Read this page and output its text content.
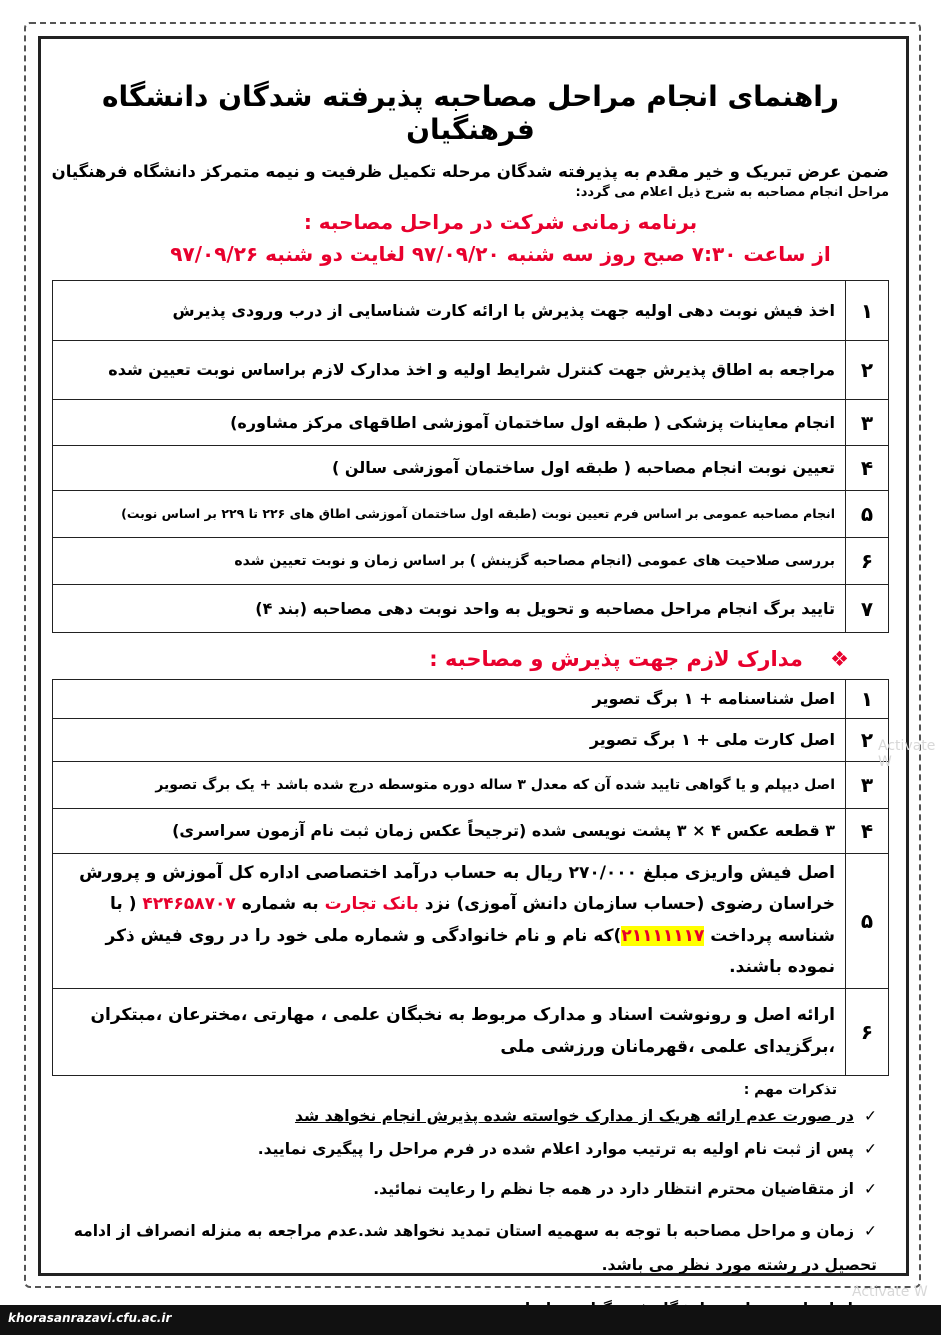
راهنمای انجام مراحل مصاحبه پذیرفته شدگان دانشگاه فرهنگیان
ضمن عرض تبریک و خیر مقدم به پذیرفته شدگان مرحله تکمیل ظرفیت و نیمه متمرکز دانشگاه فرهنگیان
مراحل انجام مصاحبه به شرح ذیل اعلام می گردد:
برنامه زمانی شرکت در مراحل مصاحبه :
از ساعت ۷:۳۰ صبح روز سه شنبه ۹۷/۰۹/۲۰ لغایت دو شنبه ۹۷/۰۹/۲۶
۱	اخذ فیش نوبت دهی اولیه جهت پذیرش با ارائه کارت شناسایی از درب ورودی پذیرش
۲	مراجعه به اطاق پذیرش جهت کنترل شرایط اولیه و اخذ مدارک لازم براساس نوبت تعیین شده
۳	انجام معاینات پزشکی ( طبقه اول ساختمان آموزشی اطاقهای مرکز مشاوره)
۴	تعیین نوبت انجام مصاحبه ( طبقه اول ساختمان آموزشی سالن )
۵	انجام مصاحبه عمومی بر اساس فرم تعیین نوبت (طبقه اول ساختمان آموزشی اطاق های ۲۲۶ تا ۲۲۹ بر اساس نوبت)
۶	بررسی صلاحیت های عمومی (انجام مصاحبه گزینش ) بر اساس زمان و نوبت تعیین شده
۷	تایید برگ انجام مراحل مصاحبه و تحویل به واحد نوبت دهی مصاحبه (بند ۴)
❖ مدارک لازم جهت پذیرش و مصاحبه :
۱	اصل شناسنامه + ۱ برگ تصویر
۲	اصل کارت ملی + ۱ برگ تصویر
۳	اصل دیپلم و یا گواهی تایید شده آن که معدل ۳ ساله دوره متوسطه درج شده باشد + یک برگ تصویر
۴	۳ قطعه عکس ۴ × ۳ پشت نویسی شده (ترجیحاً عکس زمان ثبت نام آزمون سراسری)
۵	اصل فیش واریزی مبلغ ۲۷۰/۰۰۰ ریال به حساب درآمد اختصاصی اداره کل آموزش و پرورش خراسان رضوی (حساب سازمان دانش آموزی) نزد بانک تجارت به شماره ۴۲۴۶۵۸۷۰۷ ( با شناسه پرداخت ۲۱۱۱۱۱۱۷)که نام و نام خانوادگی و شماره ملی خود را در روی فیش ذکر نموده باشند.
۶	ارائه اصل و رونوشت اسناد و مدارک مربوط به نخبگان علمی ، مهارتی ،مخترعان ،مبتکران ،برگزیدای علمی ،قهرمانان ورزشی ملی
تذکرات مهم :
✓در صورت عدم ارائه هریک از مدارک خواسته شده پذیرش انجام نخواهد شد
✓پس از ثبت نام اولیه به ترتیب موارد اعلام شده در فرم مراحل را پیگیری نمایید.
✓از متقاضیان محترم انتظار دارد در همه جا نظم را رعایت نمائید.
✓زمان و مراحل مصاحبه با توجه به سهمیه استان تمدید نخواهد شد.عدم مراجعه به منزله انصراف از ادامه تحصیل در رشته مورد نظر می باشد.
Activate W
Activate W
khorasanrazavi.cfu.ac.ir
